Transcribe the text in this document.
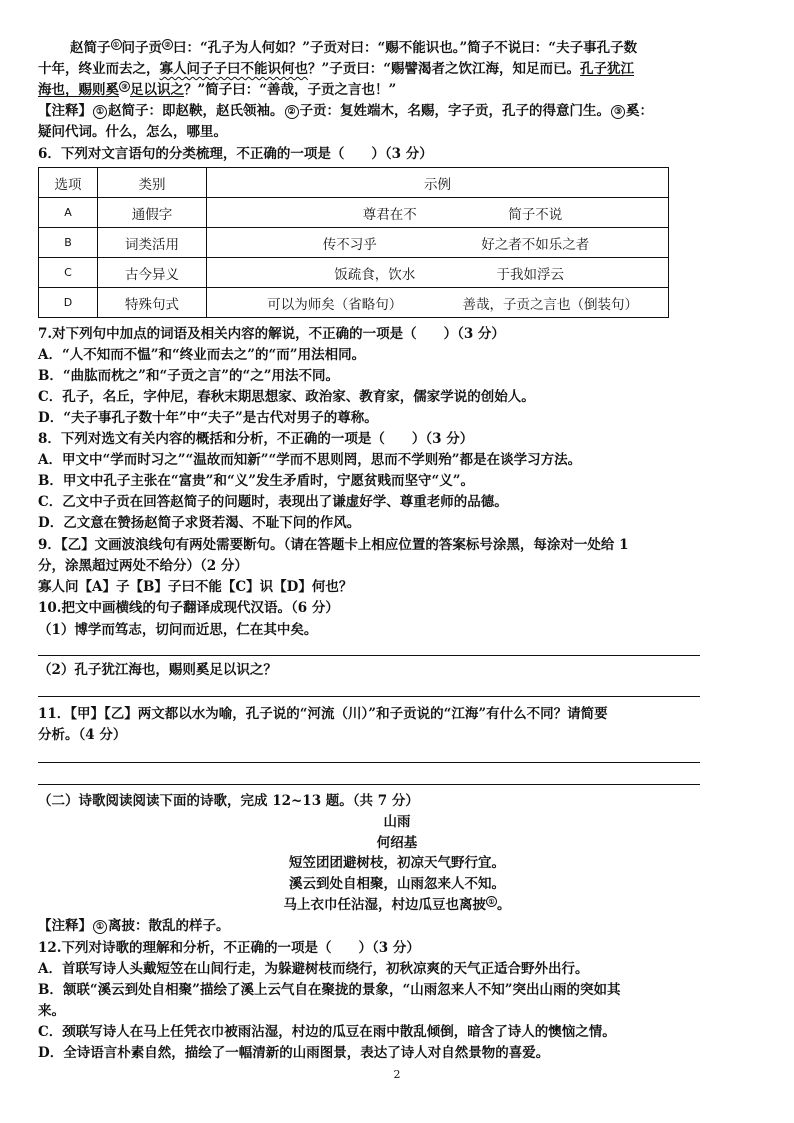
赵简子 ① 问子贡 ② 曰：“孔子为人何如？”子贡对曰：“赐不能识也。”简子不说曰：“夫子事孔子数
十年，终业而去之，寡人问子子曰不能识何也？”子贡曰：“赐譬渴者之饮江海，知足而已。孔子犹江
海也，赐则奚 ③ 足以识之？”简子曰：“善哉，子贡之言也！”
【注释】 ① 赵简子：即赵鞅，赵氏领袖。 ② 子贡：复姓端木，名赐，字子贡，孔子的得意门生。 ③ 奚：
疑问代词。什么，怎么，哪里。
6．下列对文言语句的分类梳理，不正确的一项是（　　）（3 分）
选项	类别	示例
A	通假字	尊君在不 简子不说

B	词类活用	传不习乎 好之者不如乐之者

C	古今异义	饭疏食，饮水 于我如浮云

D	特殊句式	可以为师矣（省略句） 善哉，子贡之言也（倒装句）
7.对下列句中加点的词语及相关内容的解说，不正确的一项是（　　）（3 分）
A．“人不知而不愠”和“终业而去之”的“而”用法相同。
B．“曲肱而枕之”和“子贡之言”的“之”用法不同。
C．孔子，名丘，字仲尼，春秋末期思想家、政治家、教育家，儒家学说的创始人。
D．“夫子事孔子数十年”中“夫子”是古代对男子的尊称。
8．下列对选文有关内容的概括和分析，不正确的一项是（　　）（3 分）
A．甲文中“学而时习之”“温故而知新”“学而不思则罔，思而不学则殆”都是在谈学习方法。
B．甲文中孔子主张在“富贵”和“义”发生矛盾时，宁愿贫贱而坚守“义”。
C．乙文中子贡在回答赵简子的问题时，表现出了谦虚好学、尊重老师的品德。
D．乙文意在赞扬赵简子求贤若渴、不耻下问的作风。
9．【乙】文画波浪线句有两处需要断句。（请在答题卡上相应位置的答案标号涂黑，每涂对一处给 1
分，涂黑超过两处不给分）（2 分）
寡人问【A】子【B】子曰不能【C】识【D】何也？
10.把文中画横线的句子翻译成现代汉语。（6 分）
（1）博学而笃志，切问而近思，仁在其中矣。
（2）孔子犹江海也，赐则奚足以识之？
11．【甲】【乙】两文都以水为喻，孔子说的“河流（川）”和子贡说的“江海”有什么不同？请简要
分析。（4 分）
（二）诗歌阅读阅读下面的诗歌，完成 12~13 题。（共 7 分）
山雨
何绍基
短笠团团避树枝，初凉天气野行宜。
溪云到处自相聚，山雨忽来人不知。
马上衣巾任沾湿，村边瓜豆也离披 ① 。
【注释】 ① 离披：散乱的样子。
12.下列对诗歌的理解和分析，不正确的一项是（　　）（3 分）
A．首联写诗人头戴短笠在山间行走，为躲避树枝而绕行，初秋凉爽的天气正适合野外出行。
B．颔联“溪云到处自相聚”描绘了溪上云气自在聚拢的景象，“山雨忽来人不知”突出山雨的突如其
来。
C．颈联写诗人在马上任凭衣巾被雨沾湿，村边的瓜豆在雨中散乱倾倒，暗含了诗人的懊恼之情。
D．全诗语言朴素自然，描绘了一幅清新的山雨图景，表达了诗人对自然景物的喜爱。
2
